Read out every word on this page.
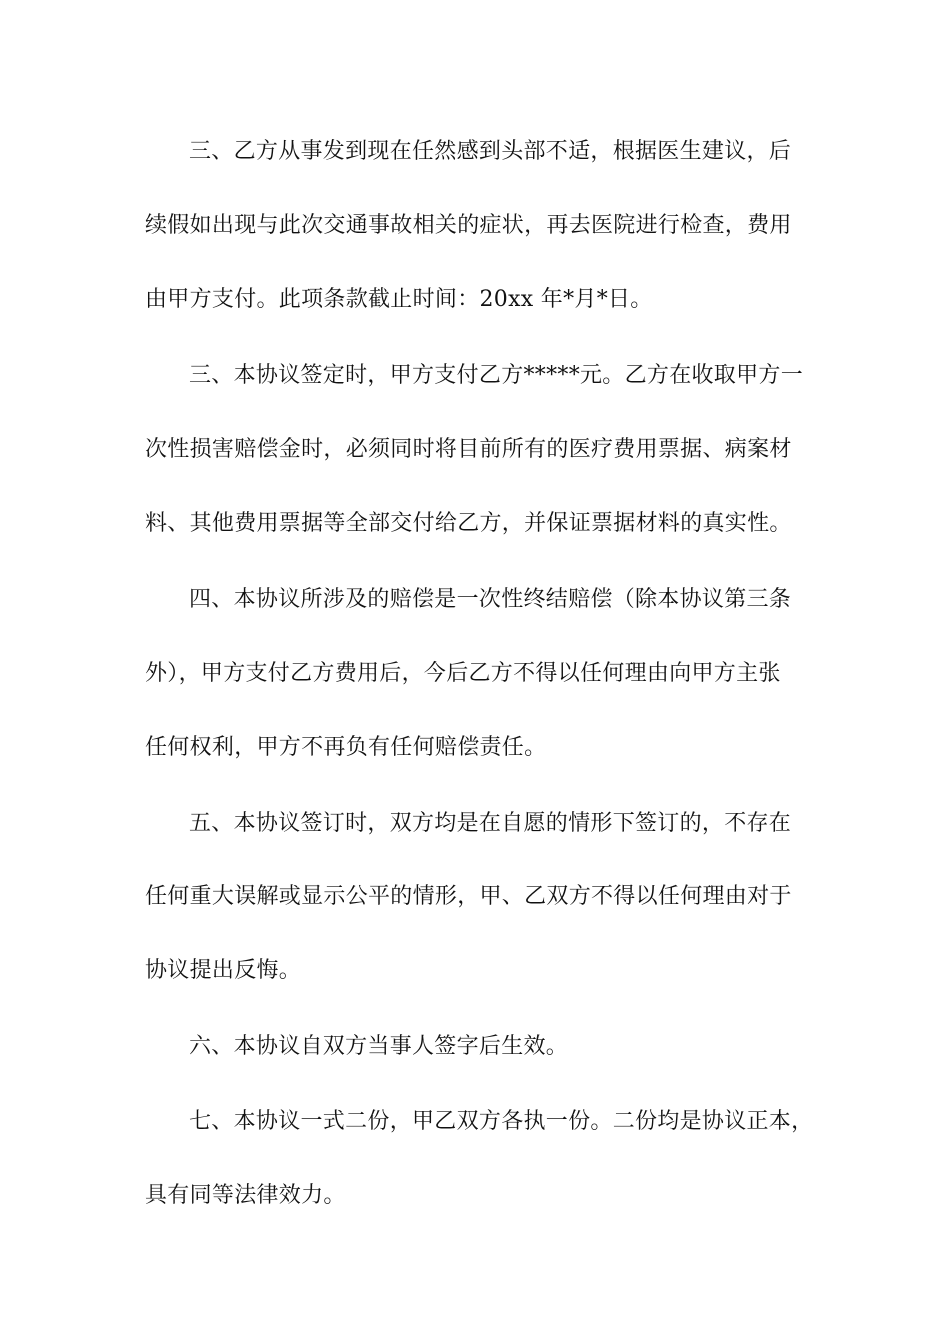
三、乙方从事发到现在任然感到头部不适，根据医生建议，后
续假如出现与此次交通事故相关的症状，再去医院进行检查，费用
由甲方支付。此项条款截止时间：20xx 年*月*日。
三、本协议签定时，甲方支付乙方*****元。乙方在收取甲方一
次性损害赔偿金时，必须同时将目前所有的医疗费用票据、病案材
料、其他费用票据等全部交付给乙方，并保证票据材料的真实性。
四、本协议所涉及的赔偿是一次性终结赔偿（除本协议第三条
外），甲方支付乙方费用后，今后乙方不得以任何理由向甲方主张
任何权利，甲方不再负有任何赔偿责任。
五、本协议签订时，双方均是在自愿的情形下签订的，不存在
任何重大误解或显示公平的情形，甲、乙双方不得以任何理由对于
协议提出反悔。
六、本协议自双方当事人签字后生效。
七、本协议一式二份，甲乙双方各执一份。二份均是协议正本，
具有同等法律效力。
